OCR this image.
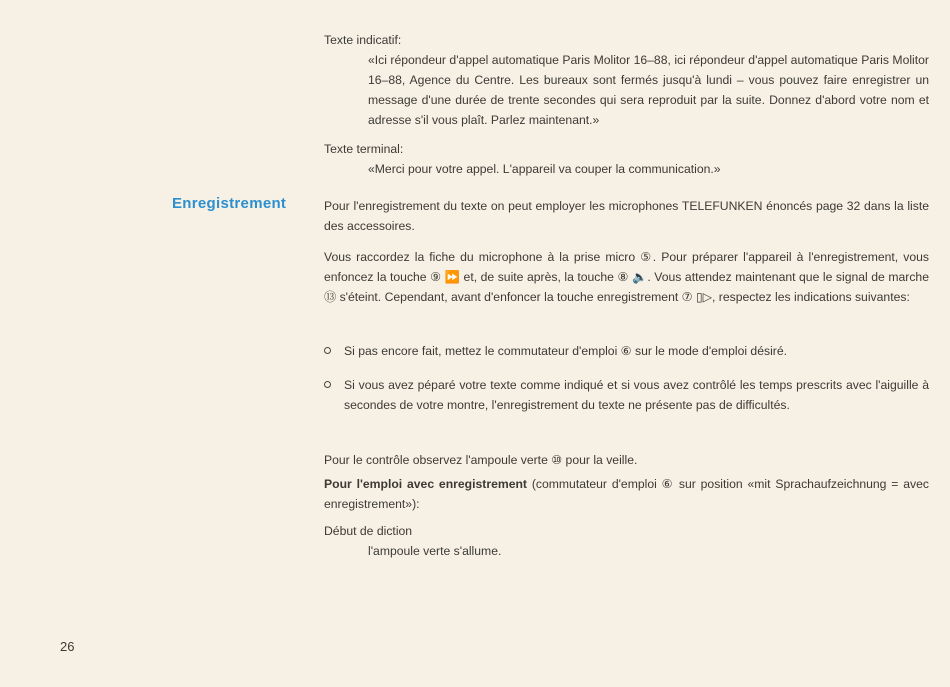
Texte indicatif:

«Ici répondeur d'appel automatique Paris Molitor 16–88, ici répondeur d'appel automatique Paris Molitor 16–88, Agence du Centre. Les bureaux sont fermés jusqu'à lundi – vous pouvez faire enregistrer un message d'une durée de trente secondes qui sera reproduit par la suite. Donnez d'abord votre nom et adresse s'il vous plaît. Parlez maintenant.»

Texte terminal:

«Merci pour votre appel. L'appareil va couper la communication.»

Enregistrement	Pour l'enregistrement du texte on peut employer les microphones TELEFUNKEN énoncés page 32 dans la liste des accessoires.
Vous raccordez la fiche du microphone à la prise micro ⑤. Pour préparer l'appareil à l'enregistrement, vous enfoncez la touche ⑨ ⏩ et, de suite après, la touche ⑧ 🔈. Vous attendez maintenant que le signal de marche ⑬ s'éteint. Cependant, avant d'enfoncer la touche enregistrement ⑦ ▯▷, respectez les indications suivantes:
Si pas encore fait, mettez le commutateur d'emploi ⑥ sur le mode d'emploi désiré.
Si vous avez péparé votre texte comme indiqué et si vous avez contrôlé les temps prescrits avec l'aiguille à secondes de votre montre, l'enregistrement du texte ne présente pas de difficultés.
Pour le contrôle observez l'ampoule verte ⑩ pour la veille.
Pour l'emploi avec enregistrement (commutateur d'emploi ⑥ sur position «mit Sprachaufzeichnung = avec enregistrement»):

Début de diction

l'ampoule verte s'allume.

26
